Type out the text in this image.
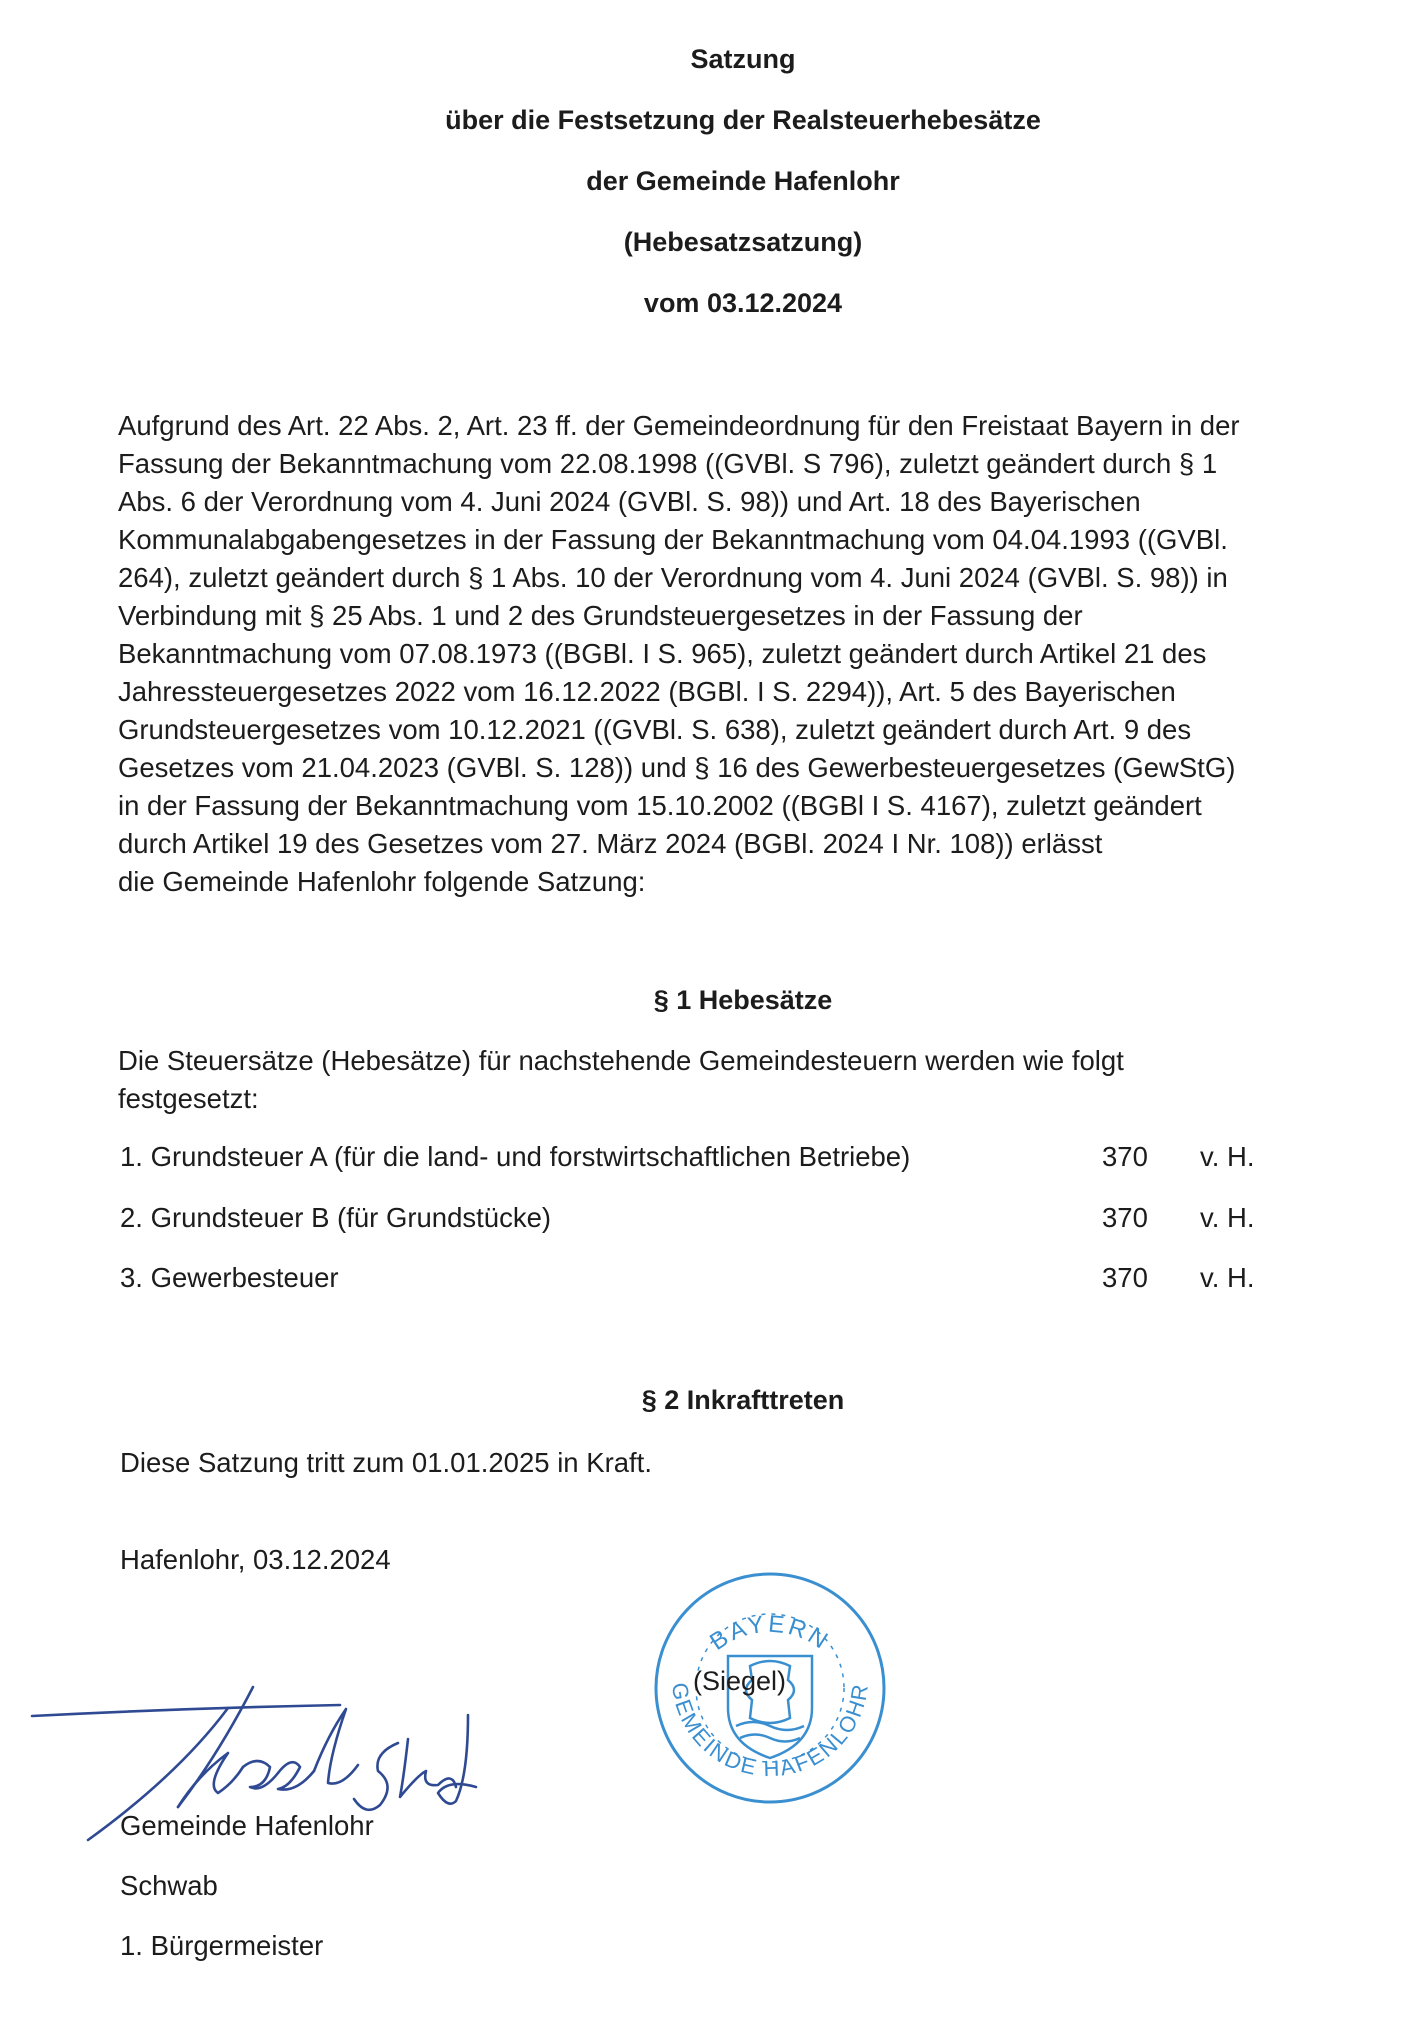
Satzung

über die Festsetzung der Realsteuerhebesätze

der Gemeinde Hafenlohr

(Hebesatzsatzung)

vom 03.12.2024

Aufgrund des Art. 22 Abs. 2, Art. 23 ff. der Gemeindeordnung für den Freistaat Bayern in der
Fassung der Bekanntmachung vom 22.08.1998 ((GVBl. S 796), zuletzt geändert durch § 1
Abs. 6 der Verordnung vom 4. Juni 2024 (GVBl. S. 98)) und Art. 18 des Bayerischen
Kommunalabgabengesetzes in der Fassung der Bekanntmachung vom 04.04.1993 ((GVBl.
264), zuletzt geändert durch § 1 Abs. 10 der Verordnung vom 4. Juni 2024 (GVBl. S. 98)) in
Verbindung mit § 25 Abs. 1 und 2 des Grundsteuergesetzes in der Fassung der
Bekanntmachung vom 07.08.1973 ((BGBl. I S. 965), zuletzt geändert durch Artikel 21 des
Jahressteuergesetzes 2022 vom 16.12.2022 (BGBl. I S. 2294)), Art. 5 des Bayerischen
Grundsteuergesetzes vom 10.12.2021 ((GVBl. S. 638), zuletzt geändert durch Art. 9 des
Gesetzes vom 21.04.2023 (GVBl. S. 128)) und § 16 des Gewerbesteuergesetzes (GewStG)
in der Fassung der Bekanntmachung vom 15.10.2002 ((BGBl I S. 4167), zuletzt geändert
durch Artikel 19 des Gesetzes vom 27. März 2024 (BGBl. 2024 I Nr. 108)) erlässt
die Gemeinde Hafenlohr folgende Satzung:

§ 1 Hebesätze

Die Steuersätze (Hebesätze) für nachstehende Gemeindesteuern werden wie folgt
festgesetzt:
1. Grundsteuer A (für die land- und forstwirtschaftlichen Betriebe)	370 v. H.
2. Grundsteuer B (für Grundstücke)	370 v. H.
3. Gewerbesteuer	370 v. H.

§ 2 Inkrafttreten

Diese Satzung tritt zum 01.01.2025 in Kraft.

Hafenlohr, 03.12.2024

BAYERN
GEMEINDE HAFENLOHR
(Siegel)

Gemeinde Hafenlohr

Schwab

1. Bürgermeister
